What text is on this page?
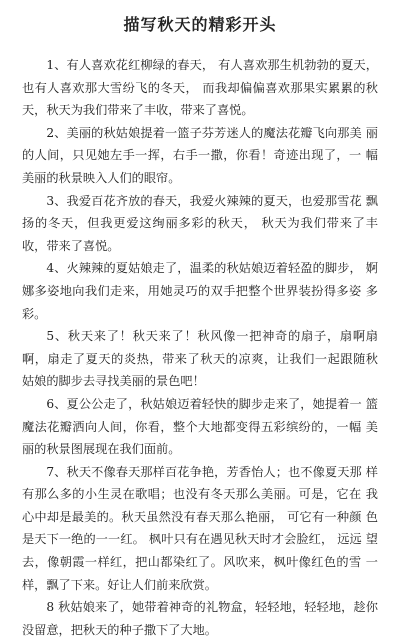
描写秋天的精彩开头

1、有人喜欢花红柳绿的春天， 有人喜欢那生机勃勃的夏天，也有人喜欢那大雪纷飞的冬天， 而我却偏偏喜欢那果实累累的秋 天，秋天为我们带来了丰收，带来了喜悦。

2、美丽的秋姑娘提着一篮子芬芳迷人的魔法花瓣飞向那美 丽的人间，只见她左手一挥，右手一撒，你看！奇迹出现了，一 幅美丽的秋景映入人们的眼帘。

3、我爱百花齐放的春天，我爱火辣辣的夏天，也爱那雪花 飘扬的冬天，但我更爱这绚丽多彩的秋天， 秋天为我们带来了丰 收，带来了喜悦。

4、火辣辣的夏姑娘走了，温柔的秋姑娘迈着轻盈的脚步， 婀娜多姿地向我们走来，用她灵巧的双手把整个世界装扮得多姿 多彩。

5、秋天来了！秋天来了！秋风像一把神奇的扇子，扇啊扇 啊，扇走了夏天的炎热，带来了秋天的凉爽，让我们一起跟随秋 姑娘的脚步去寻找美丽的景色吧！

6、夏公公走了，秋姑娘迈着轻快的脚步走来了，她提着一 篮魔法花瓣洒向人间，你看，整个大地都变得五彩缤纷的，一幅 美丽的秋景图展现在我们面前。

7、秋天不像春天那样百花争艳，芳香怡人；也不像夏天那 样有那么多的小生灵在歌唱；也没有冬天那么美丽。可是，它在 我心中却是最美的。秋天虽然没有春天那么艳丽， 可它有一种颜 色是天下一绝的一一红。 枫叶只有在遇见秋天时才会脸红， 远远 望去，像朝霞一样红，把山都染红了。风吹来，枫叶像红色的雪 一样，飘了下来。好让人们前来欣赏。

8 秋姑娘来了，她带着神奇的礼物盒，轻轻地，轻轻地，趁你没留意，把秋天的种子撒下了大地。
